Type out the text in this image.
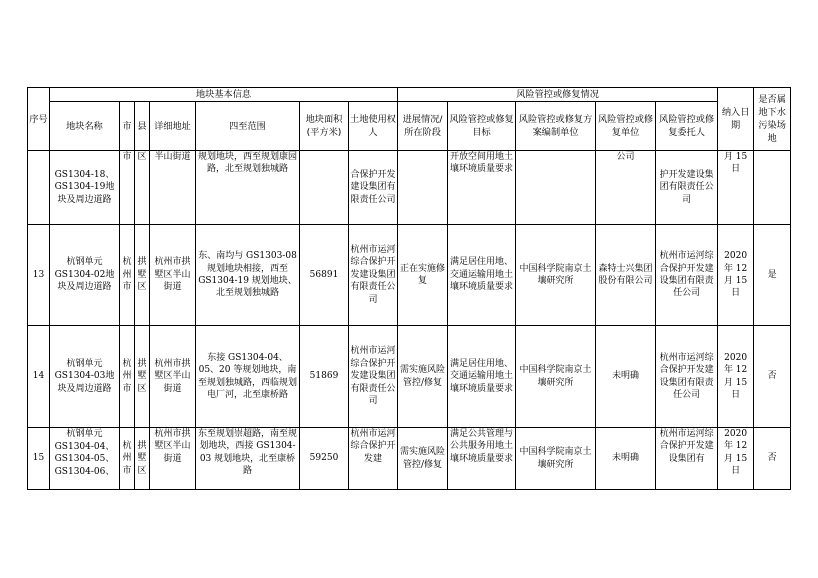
序号	地块基本信息							风险管控或修复情况					纳入日期	是否属地下水污染场地
	地块名称	市	县	详细地址	四至范围	地块面积(平方米)	土地使用权人	进展情况/所在阶段	风险管控或修复目标	风险管控或修复方案编制单位	风险管控或修复单位	风险管控或修复委托人		
	GS1304-18、GS1304-19地块及周边道路	市	区	半山街道	规划地块，西至规划康园路，北至规划独城路		合保护开发建设集团有限责任公司		开放空间用地土壤环境质量要求		公司	护开发建设集团有限责任公司	月 15 日	
13	杭钢单元GS1304-02地块及周边道路	杭州市	拱墅区	杭州市拱墅区半山街道	东、南均与 GS1303-08 规划地块相接，西至 GS1304-19 规划地块、北至规划独城路	56891	杭州市运河综合保护开发建设集团有限责任公司	正在实施修复	满足居住用地、交通运输用地土壤环境质量要求	中国科学院南京土壤研究所	森特士兴集团股份有限公司	杭州市运河综合保护开发建设集团有限责任公司	2020 年 12 月 15 日	是
14	杭钢单元GS1304-03地块及周边道路	杭州市	拱墅区	杭州市拱墅区半山街道	东接 GS1304-04、05、20 等规划地块，南至规划独城路，西临规划电厂河，北至康桥路	51869	杭州市运河综合保护开发建设集团有限责任公司	需实施风险管控/修复	满足居住用地、交通运输用地土壤环境质量要求	中国科学院南京土壤研究所	未明确	杭州市运河综合保护开发建设集团有限责任公司	2020 年 12 月 15 日	否
15	杭钢单元GS1304-04、GS1304-05、GS1304-06、	杭州市	拱墅区	杭州市拱墅区半山街道	东至规划崇超路，南至规划地块，西接 GS1304-03 规划地块，北至康桥路	59250	杭州市运河综合保护开发建	需实施风险管控/修复	满足公共管理与公共服务用地土壤环境质量要求	中国科学院南京土壤研究所	未明确	杭州市运河综合保护开发建设集团有	2020 年 12 月 15 日	否
